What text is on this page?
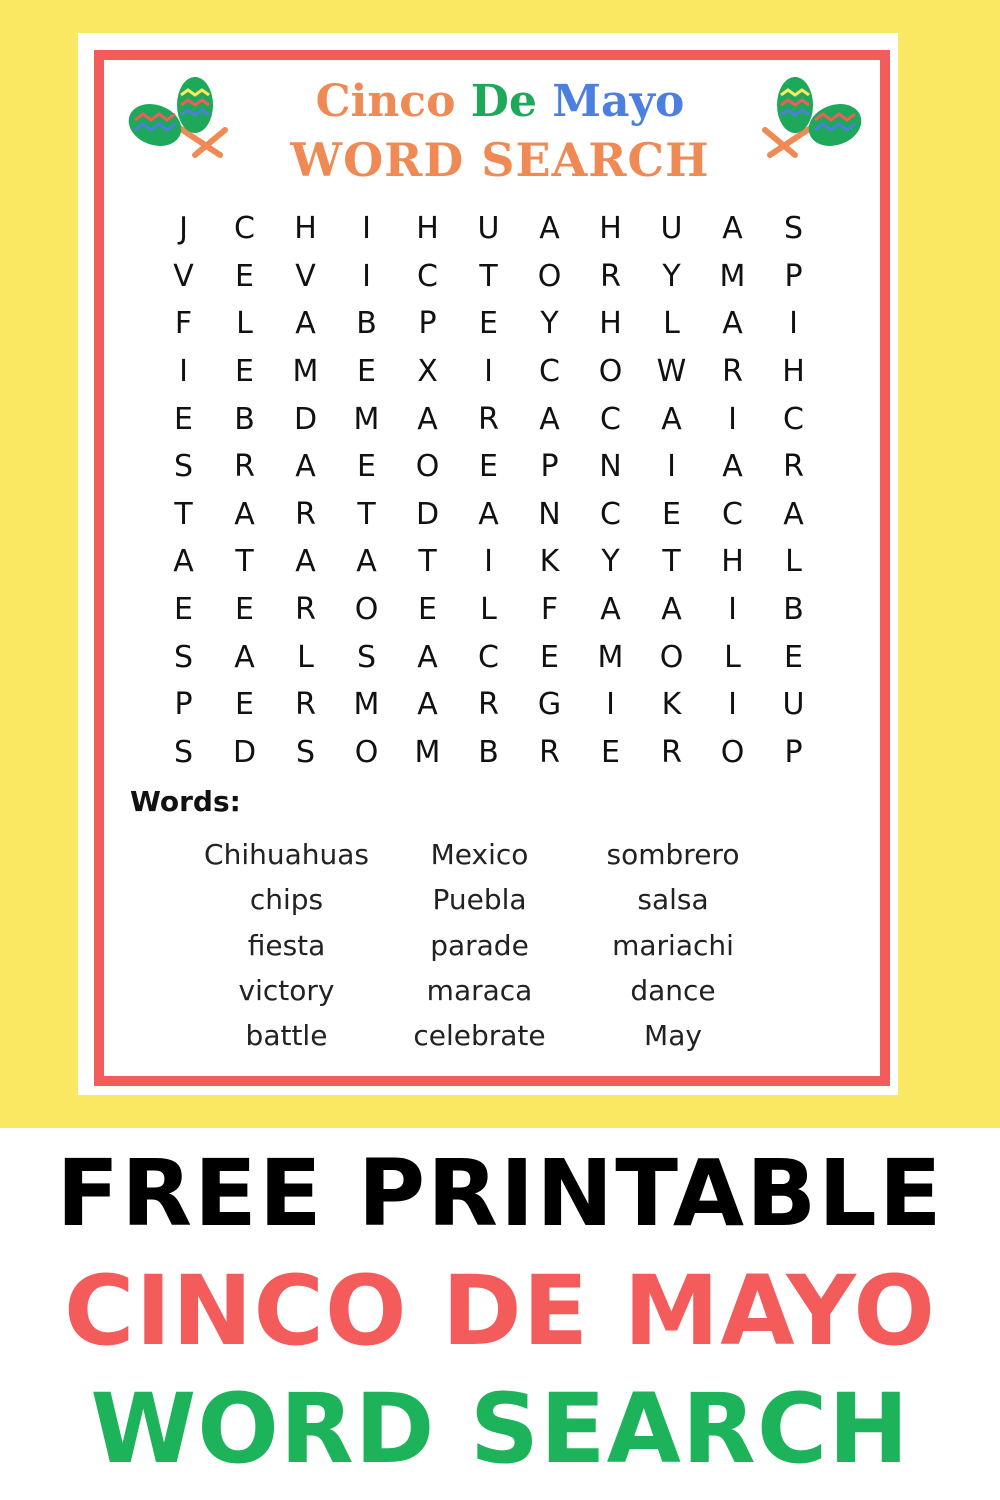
Cinco De Mayo
WORD SEARCH
J	C	H	I	H	U	A	H	U	A	S
V	E	V	I	C	T	O	R	Y	M	P
F	L	A	B	P	E	Y	H	L	A	I
I	E	M	E	X	I	C	O	W	R	H
E	B	D	M	A	R	A	C	A	I	C
S	R	A	E	O	E	P	N	I	A	R
T	A	R	T	D	A	N	C	E	C	A
A	T	A	A	T	I	K	Y	T	H	L
E	E	R	O	E	L	F	A	A	I	B
S	A	L	S	A	C	E	M	O	L	E
P	E	R	M	A	R	G	I	K	I	U
S	D	S	O	M	B	R	E	R	O	P
Words:
Chihuahuas
chips
fiesta
victory
battle
Mexico
Puebla
parade
maraca
celebrate
sombrero
salsa
mariachi
dance
May

FREE PRINTABLE

CINCO DE MAYO

WORD SEARCH
